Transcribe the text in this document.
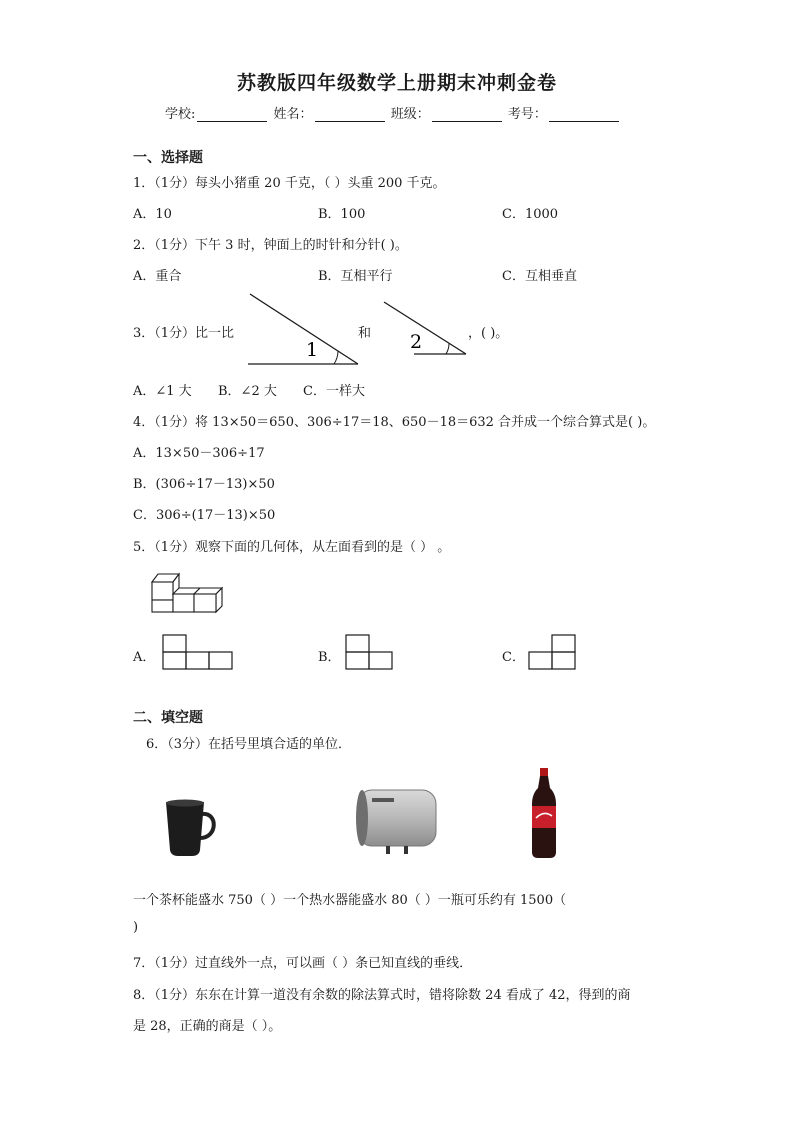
苏教版四年级数学上册期末冲刺金卷
学校:	姓名：	班级：	考号：
一、选择题
1．（1分）每头小猪重 20 千克，（ ）头重 200 千克。
A．10	B．100	C．1000
2．（1分）下午 3 时，钟面上的时针和分针( )。
A．重合	B．互相平行	C．互相垂直
3．（1分）比一比
1
和 2	，( )。
A．∠1 大 B．∠2 大 C．一样大
4．（1分）将 13×50＝650、306÷17＝18、650－18＝632 合并成一个综合算式是( )。
A．13×50－306÷17
B．(306÷17－13)×50
C．306÷(17－13)×50
5．（1分）观察下面的几何体，从左面看到的是（ ） 。
A．	B．	C．
二、填空题
6．（3分）在括号里填合适的单位．
一个茶杯能盛水 750（ ）一个热水器能盛水 80（ ）一瓶可乐约有 1500（
)
7．（1分）过直线外一点，可以画（ ）条已知直线的垂线．
8．（1分）东东在计算一道没有余数的除法算式时，错将除数 24 看成了 42，得到的商
是 28，正确的商是（ ）。
